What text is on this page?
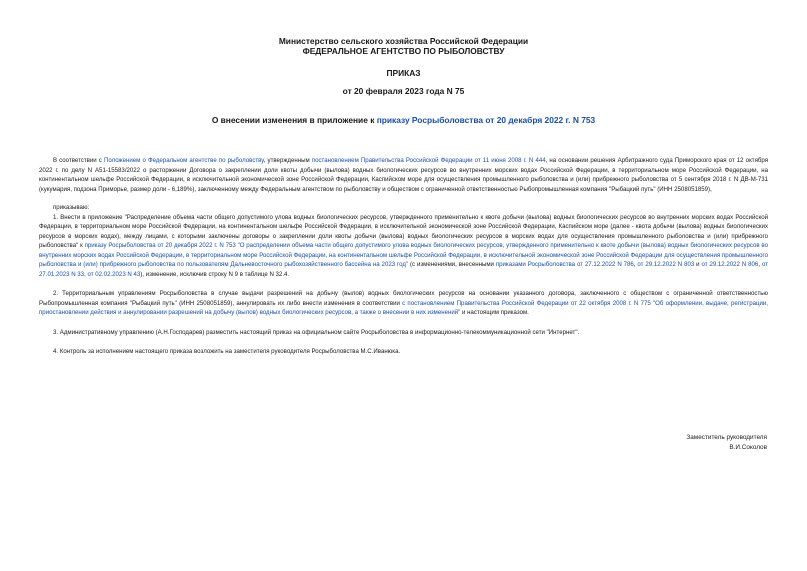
Министерство сельского хозяйства Российской Федерации
ФЕДЕРАЛЬНОЕ АГЕНТСТВО ПО РЫБОЛОВСТВУ
ПРИКАЗ
от 20 февраля 2023 года N 75
О внесении изменения в приложение к приказу Росрыболовства от 20 декабря 2022 г. N 753

В соответствии с Положением о Федеральном агентстве по рыболовству, утвержденным постановлением Правительства Российской Федерации от 11 июня 2008 г. N 444, на основании решения Арбитражного суда Приморского края от 12 октября 2022 г. по делу N А51-15583/2022 о расторжении Договора о закреплении доли квоты добычи (вылова) водных биологических ресурсов во внутренних морских водах Российской Федерации, в территориальном море Российской Федерации, на континентальном шельфе Российской Федерации, в исключительной экономической зоне Российской Федерации, Каспийском море для осуществления промышленного рыболовства и (или) прибрежного рыболовства от 5 сентября 2018 г. N ДВ-М-731 (кукумария, подзона Приморье, размер доли - 6,189%), заключенному между Федеральным агентством по рыболовству и обществом с ограниченной ответственностью Рыбопромышленная компания "Рыбацкий путь" (ИНН 2508051859),

приказываю:

1. Внести в приложение "Распределение объема части общего допустимого улова водных биологических ресурсов, утвержденного применительно к квоте добычи (вылова) водных биологических ресурсов во внутренних морских водах Российской Федерации, в территориальном море Российской Федерации, на континентальном шельфе Российской Федерации, в исключительной экономической зоне Российской Федерации, Каспийском море (далее - квота добычи (вылова) водных биологических ресурсов в морских водах), между лицами, с которыми заключены договоры о закреплении доли квоты добычи (вылова) водных биологических ресурсов в морских водах для осуществления промышленного рыболовства и (или) прибрежного рыболовства" к приказу Росрыболовства от 20 декабря 2022 г. N 753 "О распределении объема части общего допустимого улова водных биологических ресурсов, утвержденного применительно к квоте добычи (вылова) водных биологических ресурсов во внутренних морских водах Российской Федерации, в территориальном море Российской Федерации, на континентальном шельфе Российской Федерации, в исключительной экономической зоне Российской Федерации для осуществления промышленного рыболовства и (или) прибрежного рыболовства по пользователям Дальневосточного рыбохозяйственного бассейна на 2023 год" (с изменениями, внесенными приказами Росрыболовства от 27.12.2022 N 786, от 29.12.2022 N 803 и от 29.12.2022 N 806, от 27.01.2023 N 33, от 02.02.2023 N 43), изменение, исключив строку N 9 в таблице N 32.4.

2. Территориальным управлениям Росрыболовства в случае выдачи разрешений на добычу (вылов) водных биологических ресурсов на основании указанного договора, заключенного с обществом с ограниченной ответственностью Рыбопромышленная компания "Рыбацкий путь" (ИНН 2508051859), аннулировать их либо внести изменения в соответствии с постановлением Правительства Российской Федерации от 22 октября 2008 г. N 775 "Об оформлении, выдаче, регистрации, приостановлении действия и аннулировании разрешений на добычу (вылов) водных биологических ресурсов, а также о внесении в них изменений" и настоящим приказом.

3. Административному управлению (А.Н.Господарев) разместить настоящий приказ на официальном сайте Росрыболовства в информационно-телекоммуникационной сети "Интернет".

4. Контроль за исполнением настоящего приказа возложить на заместителя руководителя Росрыболовства М.С.Иванюка.

Заместитель руководителя
В.И.Соколов
